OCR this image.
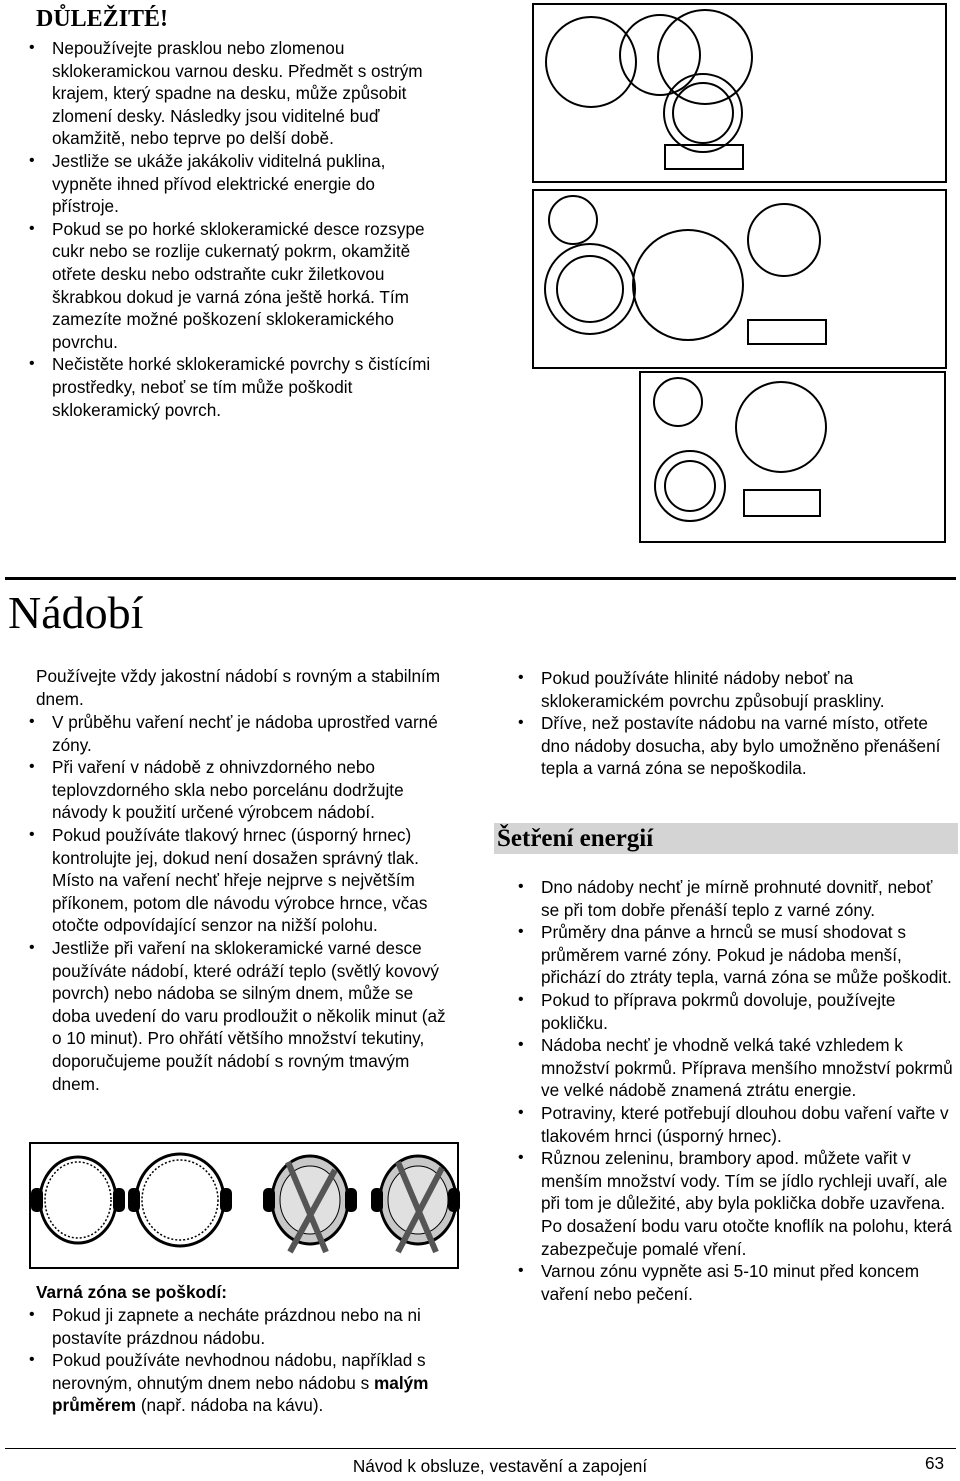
DŮLEŽITÉ!
• Nepoužívejte prasklou nebo zlomenou sklokeramickou varnou desku. Předmět s ostrým krajem, který spadne na desku, může způsobit zlomení desky. Následky jsou viditelné buď okamžitě, nebo teprve po delší době.
• Jestliže se ukáže jakákoliv viditelná puklina, vypněte ihned přívod elektrické energie do přístroje.
• Pokud se po horké sklokeramické desce rozsype cukr nebo se rozlije cukernatý pokrm, okamžitě otřete desku nebo odstraňte cukr žiletkovou škrabkou dokud je varná zóna ještě horká. Tím zamezíte možné poškození sklokeramického povrchu.
• Nečistěte horké sklokeramické povrchy s čistícími prostředky, neboť se tím může poškodit sklokeramický povrch.
Nádobí
Používejte vždy jakostní nádobí s rovným a stabilním dnem.
• V průběhu vaření nechť je nádoba uprostřed varné zóny.
• Při vaření v nádobě z ohnivzdorného nebo teplovzdorného skla nebo porcelánu dodržujte návody k použití určené výrobcem nádobí.
• Pokud používáte tlakový hrnec (úsporný hrnec) kontrolujte jej, dokud není dosažen správný tlak. Místo na vaření nechť hřeje nejprve s největším příkonem, potom dle návodu výrobce hrnce, včas otočte odpovídající senzor na nižší polohu.
• Jestliže při vaření na sklokeramické varné desce používáte nádobí, které odráží teplo (světlý kovový povrch) nebo nádoba se silným dnem, může se doba uvedení do varu prodloužit o několik minut (až o 10 minut). Pro ohřátí většího množství tekutiny, doporučujeme použít nádobí s rovným tmavým dnem.
Varná zóna se poškodí:
• Pokud ji zapnete a necháte prázdnou nebo na ni postavíte prázdnou nádobu.
• Pokud používáte nevhodnou nádobu, například s nerovným, ohnutým dnem nebo nádobu s malým průměrem (např. nádoba na kávu).
• Pokud používáte hlinité nádoby neboť na sklokeramickém povrchu způsobují praskliny.
• Dříve, než postavíte nádobu na varné místo, otřete dno nádoby dosucha, aby bylo umožněno přenášení tepla a varná zóna se nepoškodila.
Šetření energií
• Dno nádoby nechť je mírně prohnuté dovnitř, neboť se při tom dobře přenáší teplo z varné zóny.
• Průměry dna pánve a hrnců se musí shodovat s průměrem varné zóny. Pokud je nádoba menší, přichází do ztráty tepla, varná zóna se může poškodit.
• Pokud to příprava pokrmů dovoluje, používejte pokličku.
• Nádoba nechť je vhodně velká také vzhledem k množství pokrmů. Příprava menšího množství pokrmů ve velké nádobě znamená ztrátu energie.
• Potraviny, které potřebují dlouhou dobu vaření vařte v tlakovém hrnci (úsporný hrnec).
• Různou zeleninu, brambory apod. můžete vařit v menším množství vody. Tím se jídlo rychleji uvaří, ale při tom je důležité, aby byla poklička dobře uzavřena. Po dosažení bodu varu otočte knoflík na polohu, která zabezpečuje pomalé vření.
• Varnou zónu vypněte asi 5-10 minut před koncem vaření nebo pečení.
Návod k obsluze, vestavění a zapojení	63
